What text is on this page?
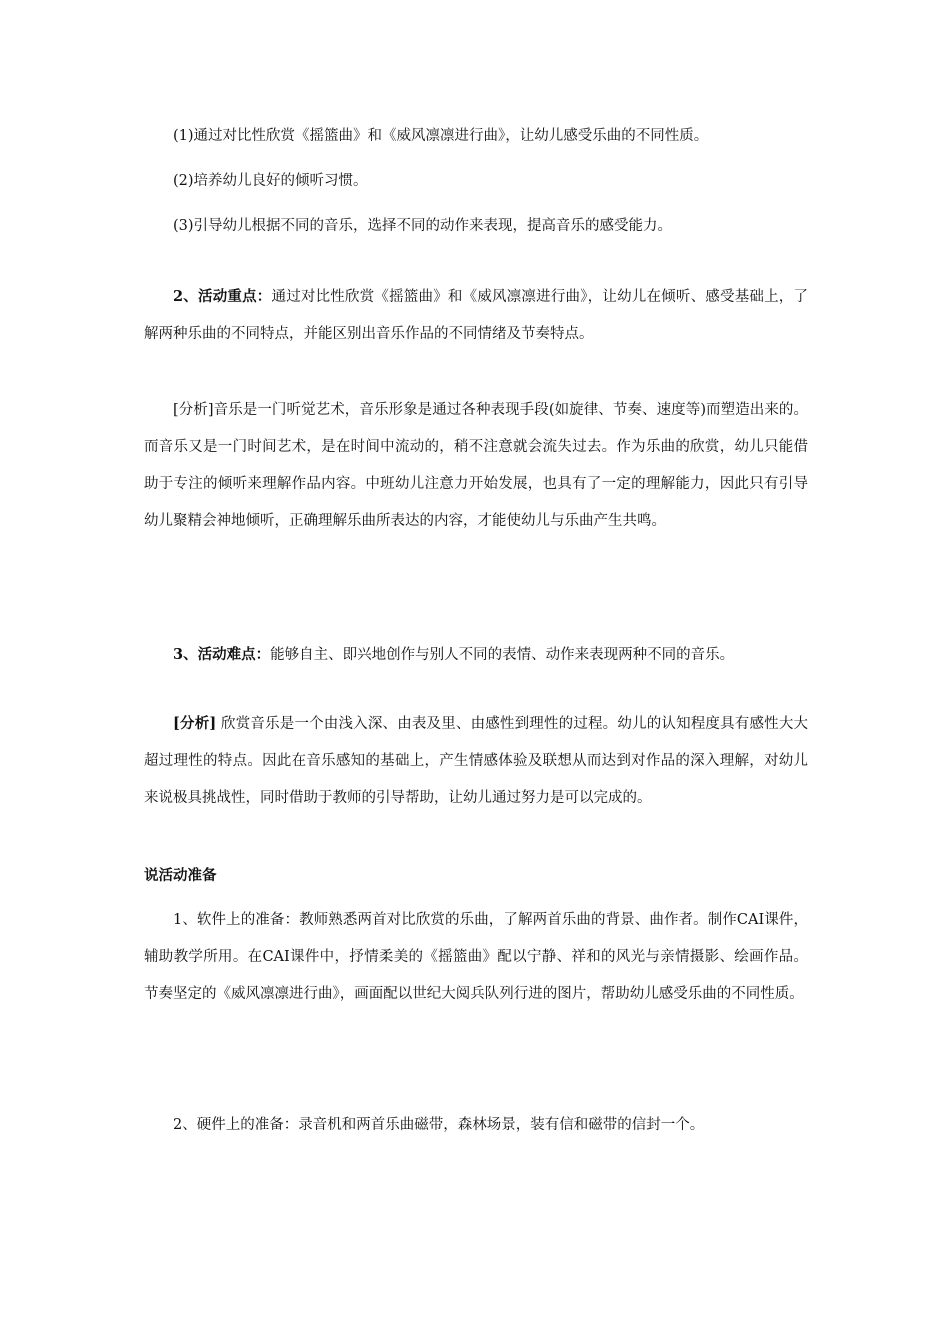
(1)通过对比性欣赏《摇篮曲》和《威风凛凛进行曲》，让幼儿感受乐曲的不同性质。

(2)培养幼儿良好的倾听习惯。

(3)引导幼儿根据不同的音乐，选择不同的动作来表现，提高音乐的感受能力。

2、活动重点：通过对比性欣赏《摇篮曲》和《威风凛凛进行曲》，让幼儿在倾听、感受基础上，了解两种乐曲的不同特点，并能区别出音乐作品的不同情绪及节奏特点。

[分析]音乐是一门听觉艺术，音乐形象是通过各种表现手段(如旋律、节奏、速度等)而塑造出来的。而音乐又是一门时间艺术，是在时间中流动的，稍不注意就会流失过去。作为乐曲的欣赏，幼儿只能借助于专注的倾听来理解作品内容。中班幼儿注意力开始发展，也具有了一定的理解能力，因此只有引导幼儿聚精会神地倾听，正确理解乐曲所表达的内容，才能使幼儿与乐曲产生共鸣。

3、活动难点：能够自主、即兴地创作与别人不同的表情、动作来表现两种不同的音乐。

[分析] 欣赏音乐是一个由浅入深、由表及里、由感性到理性的过程。幼儿的认知程度具有感性大大超过理性的特点。因此在音乐感知的基础上，产生情感体验及联想从而达到对作品的深入理解，对幼儿来说极具挑战性，同时借助于教师的引导帮助，让幼儿通过努力是可以完成的。

说活动准备

1、软件上的准备：教师熟悉两首对比欣赏的乐曲，了解两首乐曲的背景、曲作者。制作CAI课件，辅助教学所用。在CAI课件中，抒情柔美的《摇篮曲》配以宁静、祥和的风光与亲情摄影、绘画作品。节奏坚定的《威风凛凛进行曲》，画面配以世纪大阅兵队列行进的图片，帮助幼儿感受乐曲的不同性质。

2、硬件上的准备：录音机和两首乐曲磁带，森林场景，装有信和磁带的信封一个。
